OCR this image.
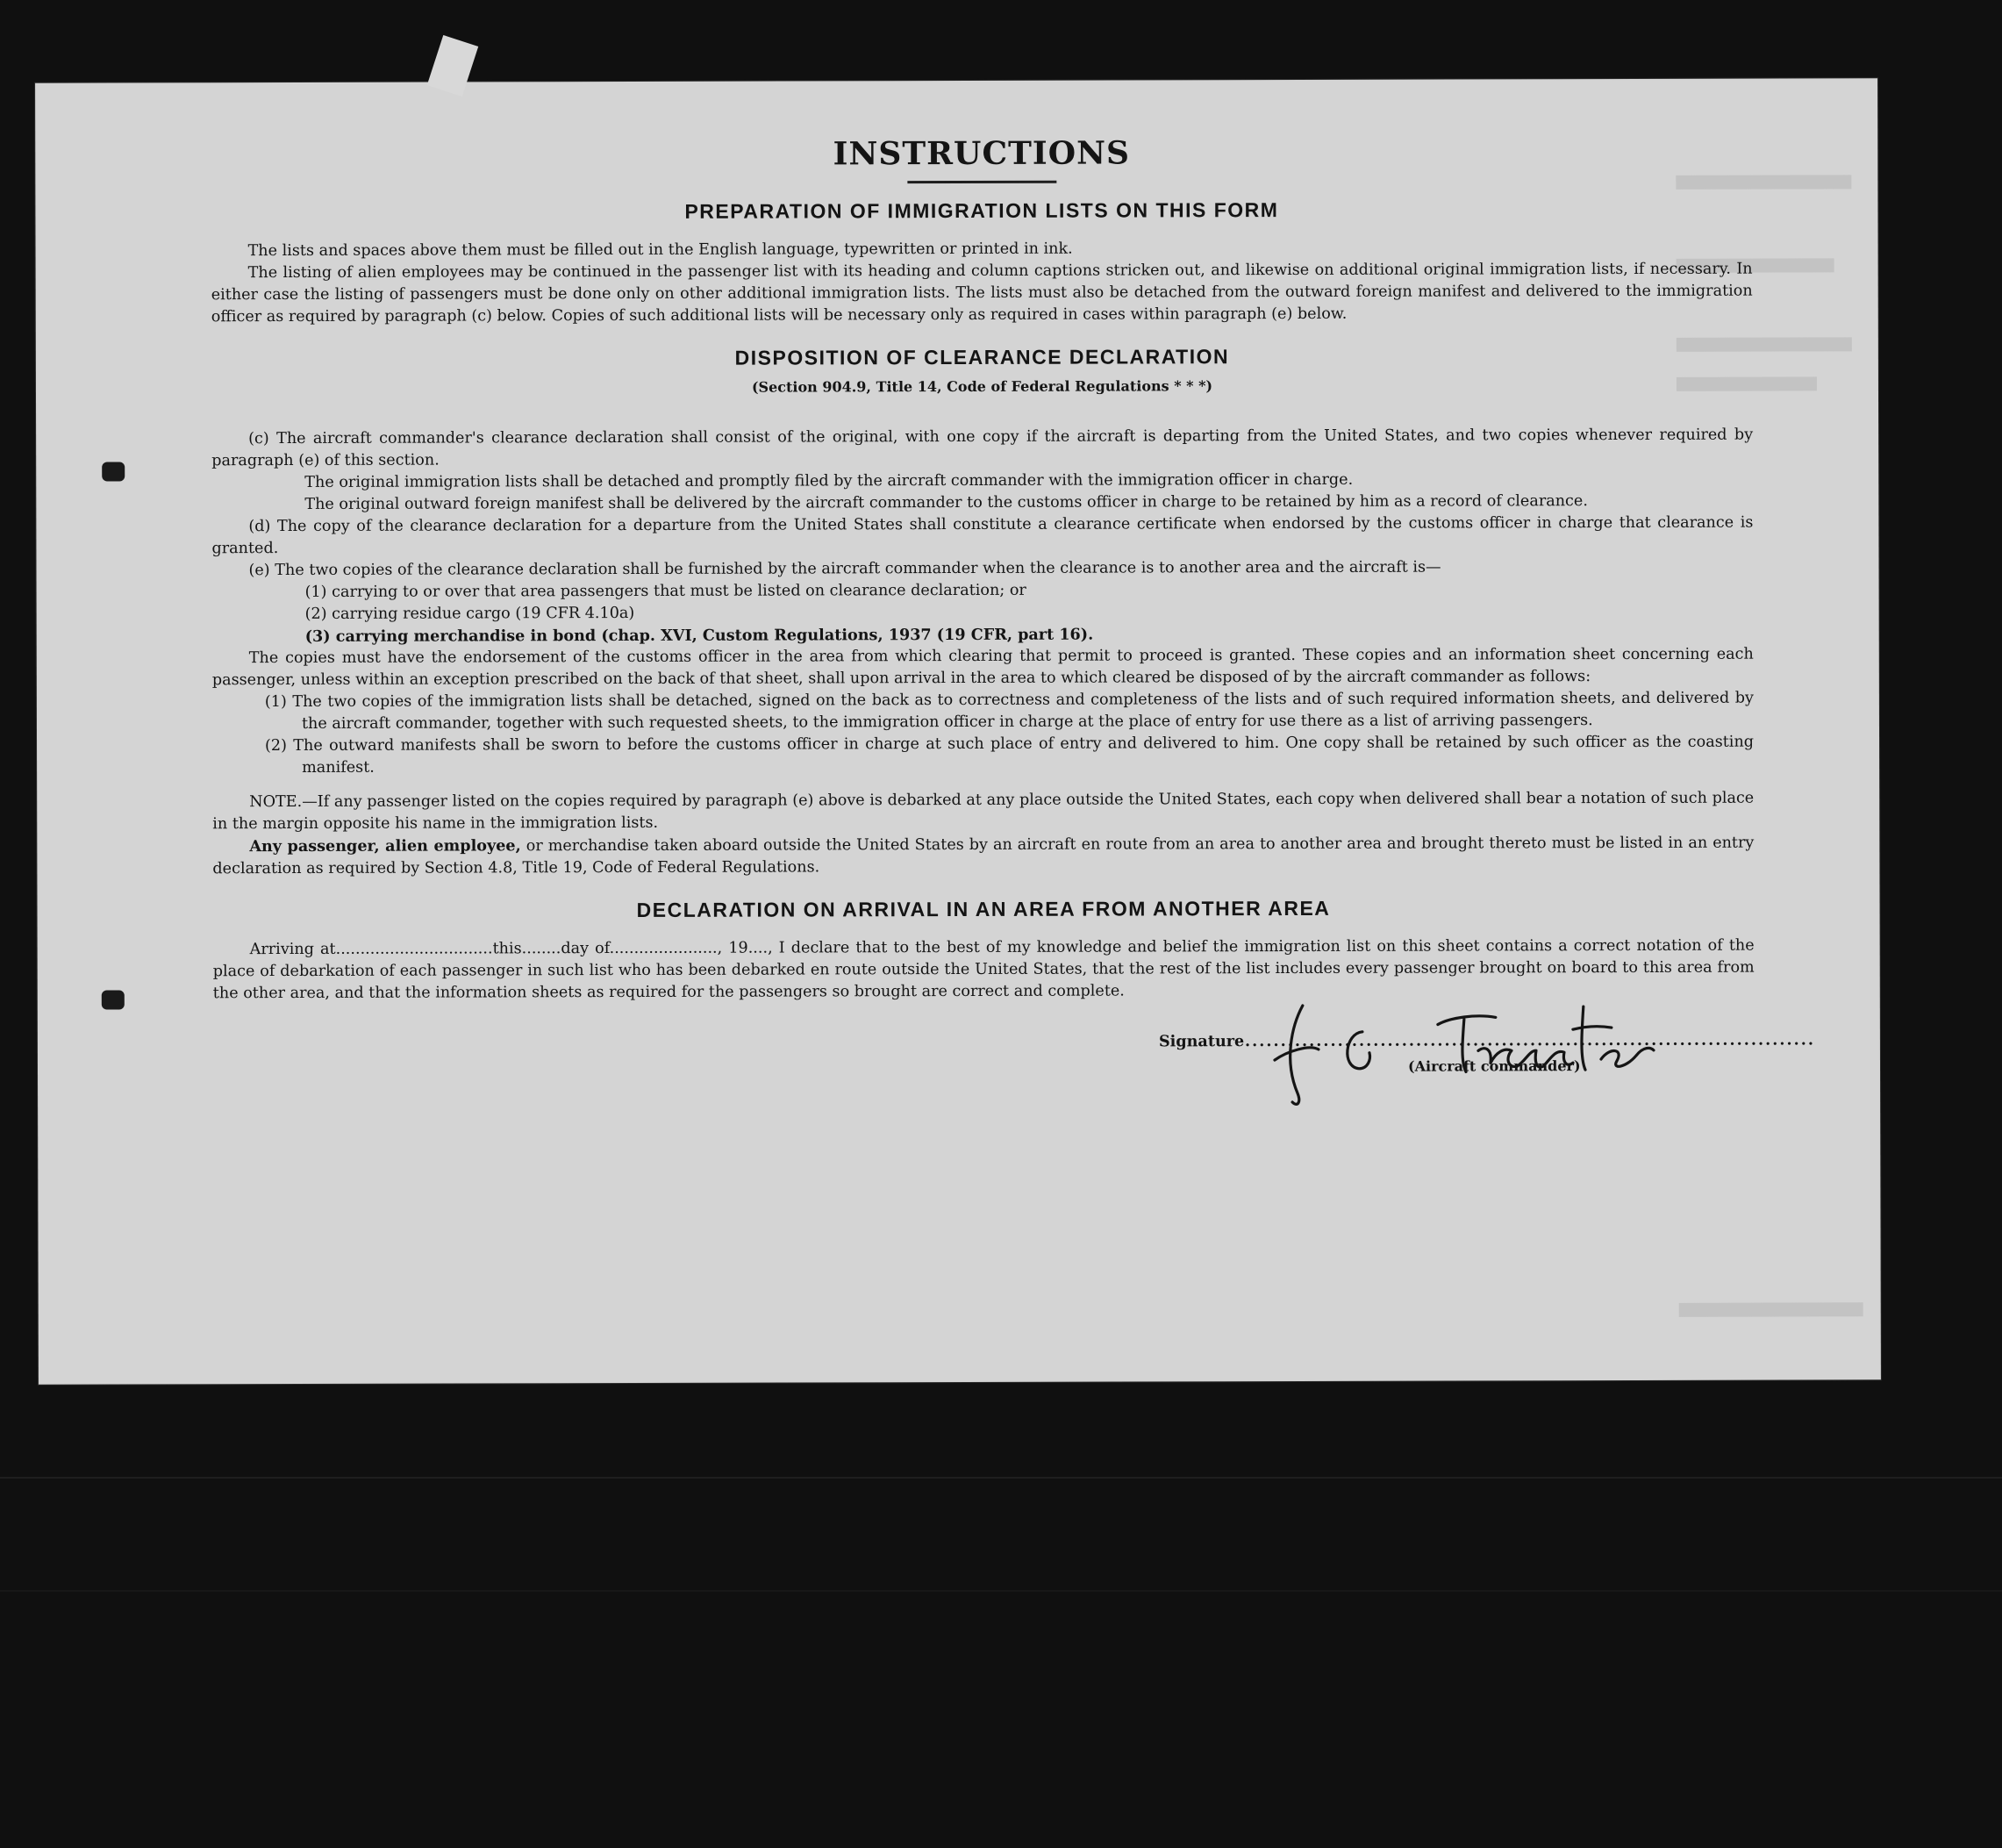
INSTRUCTIONS
PREPARATION OF IMMIGRATION LISTS ON THIS FORM

The lists and spaces above them must be filled out in the English language, typewritten or printed in ink.

The listing of alien employees may be continued in the passenger list with its heading and column captions stricken out, and likewise on additional original immigration lists, if necessary. In either case the listing of passengers must be done only on other additional immigration lists. The lists must also be detached from the outward foreign manifest and delivered to the immigration officer as required by paragraph (c) below. Copies of such additional lists will be necessary only as required in cases within paragraph (e) below.

DISPOSITION OF CLEARANCE DECLARATION
(Section 904.9, Title 14, Code of Federal Regulations * * *)

(c) The aircraft commander's clearance declaration shall consist of the original, with one copy if the aircraft is departing from the United States, and two copies whenever required by paragraph (e) of this section.

The original immigration lists shall be detached and promptly filed by the aircraft commander with the immigration officer in charge.

The original outward foreign manifest shall be delivered by the aircraft commander to the customs officer in charge to be retained by him as a record of clearance.

(d) The copy of the clearance declaration for a departure from the United States shall constitute a clearance certificate when endorsed by the customs officer in charge that clearance is granted.

(e) The two copies of the clearance declaration shall be furnished by the aircraft commander when the clearance is to another area and the aircraft is—

(1) carrying to or over that area passengers that must be listed on clearance declaration; or

(2) carrying residue cargo (19 CFR 4.10a)

(3) carrying merchandise in bond (chap. XVI, Custom Regulations, 1937 (19 CFR, part 16).

The copies must have the endorsement of the customs officer in the area from which clearing that permit to proceed is granted. These copies and an information sheet concerning each passenger, unless within an exception prescribed on the back of that sheet, shall upon arrival in the area to which cleared be disposed of by the aircraft commander as follows:

(1) The two copies of the immigration lists shall be detached, signed on the back as to correctness and completeness of the lists and of such required information sheets, and delivered by the aircraft commander, together with such requested sheets, to the immigration officer in charge at the place of entry for use there as a list of arriving passengers.

(2) The outward manifests shall be sworn to before the customs officer in charge at such place of entry and delivered to him. One copy shall be retained by such officer as the coasting manifest.

NOTE.—If any passenger listed on the copies required by paragraph (e) above is debarked at any place outside the United States, each copy when delivered shall bear a notation of such place in the margin opposite his name in the immigration lists.

Any passenger, alien employee, or merchandise taken aboard outside the United States by an aircraft en route from an area to another area and brought thereto must be listed in an entry declaration as required by Section 4.8, Title 19, Code of Federal Regulations.

DECLARATION ON ARRIVAL IN AN AREA FROM ANOTHER AREA

Arriving at................................this........day of......................, 19...., I declare that to the best of my knowledge and belief the immigration list on this sheet contains a correct notation of the place of debarkation of each passenger in such list who has been debarked en route outside the United States, that the rest of the list includes every passenger brought on board to this area from the other area, and that the information sheets as required for the passengers so brought are correct and complete.

Signature ................................................................................
(Aircraft commander)
